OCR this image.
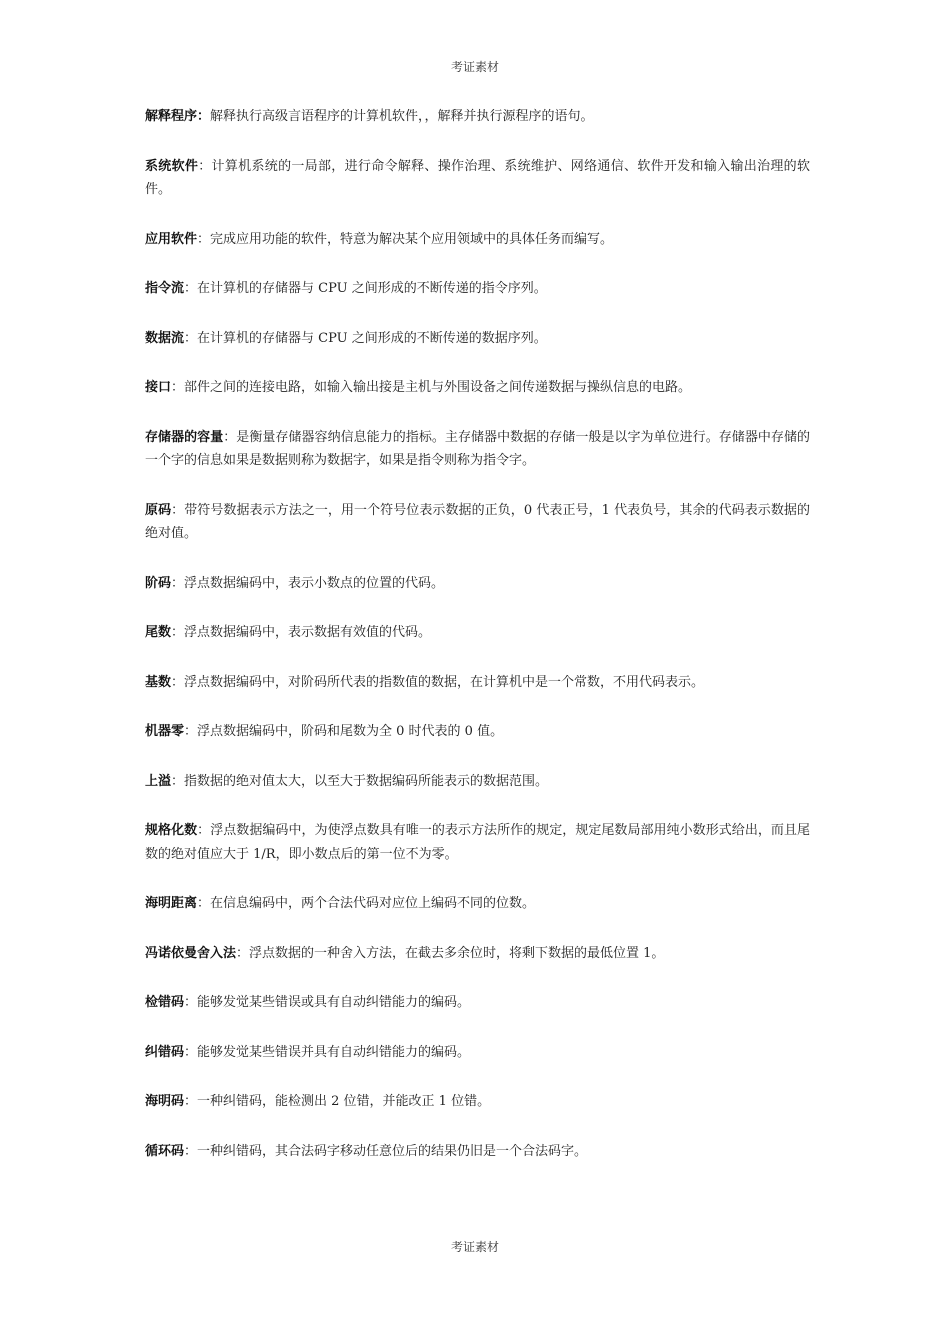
考证素材

解释程序：解释执行高级言语程序的计算机软件，，解释并执行源程序的语句。

系统软件：计算机系统的一局部，进行命令解释、操作治理、系统维护、网络通信、软件开发和输入输出治理的软件。

应用软件：完成应用功能的软件，特意为解决某个应用领域中的具体任务而编写。

指令流：在计算机的存储器与 CPU 之间形成的不断传递的指令序列。

数据流：在计算机的存储器与 CPU 之间形成的不断传递的数据序列。

接口：部件之间的连接电路，如输入输出接是主机与外围设备之间传递数据与操纵信息的电路。

存储器的容量：是衡量存储器容纳信息能力的指标。主存储器中数据的存储一般是以字为单位进行。存储器中存储的一个字的信息如果是数据则称为数据字，如果是指令则称为指令字。

原码：带符号数据表示方法之一，用一个符号位表示数据的正负，0 代表正号，1 代表负号，其余的代码表示数据的绝对值。

阶码：浮点数据编码中，表示小数点的位置的代码。

尾数：浮点数据编码中，表示数据有效值的代码。

基数：浮点数据编码中，对阶码所代表的指数值的数据，在计算机中是一个常数，不用代码表示。

机器零：浮点数据编码中，阶码和尾数为全 0 时代表的 0 值。

上溢：指数据的绝对值太大，以至大于数据编码所能表示的数据范围。

规格化数：浮点数据编码中，为使浮点数具有唯一的表示方法所作的规定，规定尾数局部用纯小数形式给出，而且尾数的绝对值应大于 1/R，即小数点后的第一位不为零。

海明距离：在信息编码中，两个合法代码对应位上编码不同的位数。

冯诺依曼舍入法：浮点数据的一种舍入方法，在截去多余位时，将剩下数据的最低位置 1。

检错码：能够发觉某些错误或具有自动纠错能力的编码。

纠错码：能够发觉某些错误并具有自动纠错能力的编码。

海明码：一种纠错码，能检测出 2 位错，并能改正 1 位错。

循环码：一种纠错码，其合法码字移动任意位后的结果仍旧是一个合法码字。

考证素材
